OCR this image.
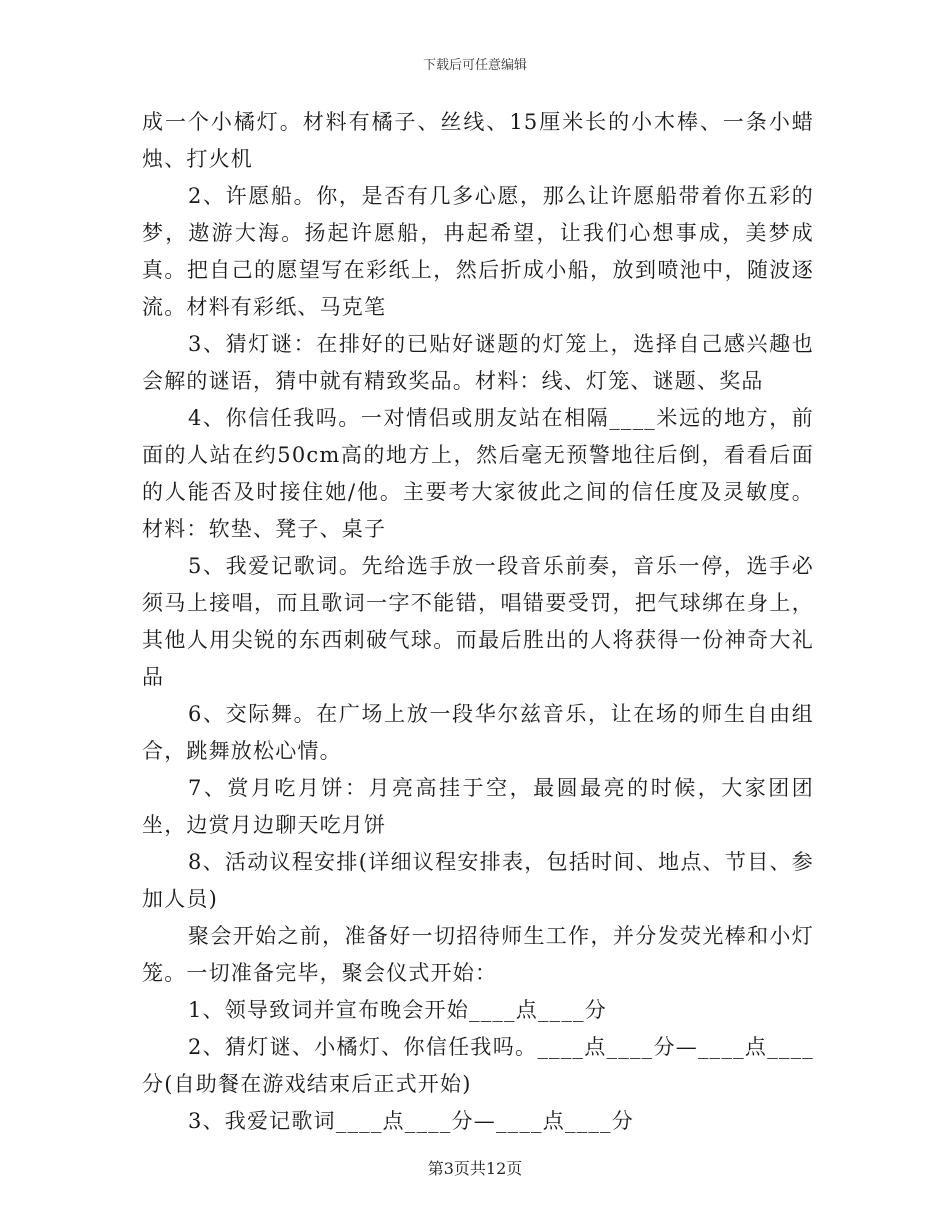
下载后可任意编辑

成一个小橘灯。材料有橘子、丝线、15厘米长的小木棒、一条小蜡烛、打火机

2、许愿船。你，是否有几多心愿，那么让许愿船带着你五彩的梦，遨游大海。扬起许愿船，冉起希望，让我们心想事成，美梦成真。把自己的愿望写在彩纸上，然后折成小船，放到喷池中，随波逐流。材料有彩纸、马克笔

3、猜灯谜：在排好的已贴好谜题的灯笼上，选择自己感兴趣也会解的谜语，猜中就有精致奖品。材料：线、灯笼、谜题、奖品

4、你信任我吗。一对情侣或朋友站在相隔____米远的地方，前面的人站在约50cm高的地方上，然后毫无预警地往后倒，看看后面的人能否及时接住她/他。主要考大家彼此之间的信任度及灵敏度。材料：软垫、凳子、桌子

5、我爱记歌词。先给选手放一段音乐前奏，音乐一停，选手必须马上接唱，而且歌词一字不能错，唱错要受罚，把气球绑在身上，其他人用尖锐的东西刺破气球。而最后胜出的人将获得一份神奇大礼品

6、交际舞。在广场上放一段华尔兹音乐，让在场的师生自由组合，跳舞放松心情。

7、赏月吃月饼：月亮高挂于空，最圆最亮的时候，大家团团坐，边赏月边聊天吃月饼

8、活动议程安排(详细议程安排表，包括时间、地点、节目、参加人员)

聚会开始之前，准备好一切招待师生工作，并分发荧光棒和小灯笼。一切准备完毕，聚会仪式开始：

1、领导致词并宣布晚会开始____点____分

2、猜灯谜、小橘灯、你信任我吗。____点____分—____点____分(自助餐在游戏结束后正式开始)

3、我爱记歌词____点____分—____点____分

第3页共12页
